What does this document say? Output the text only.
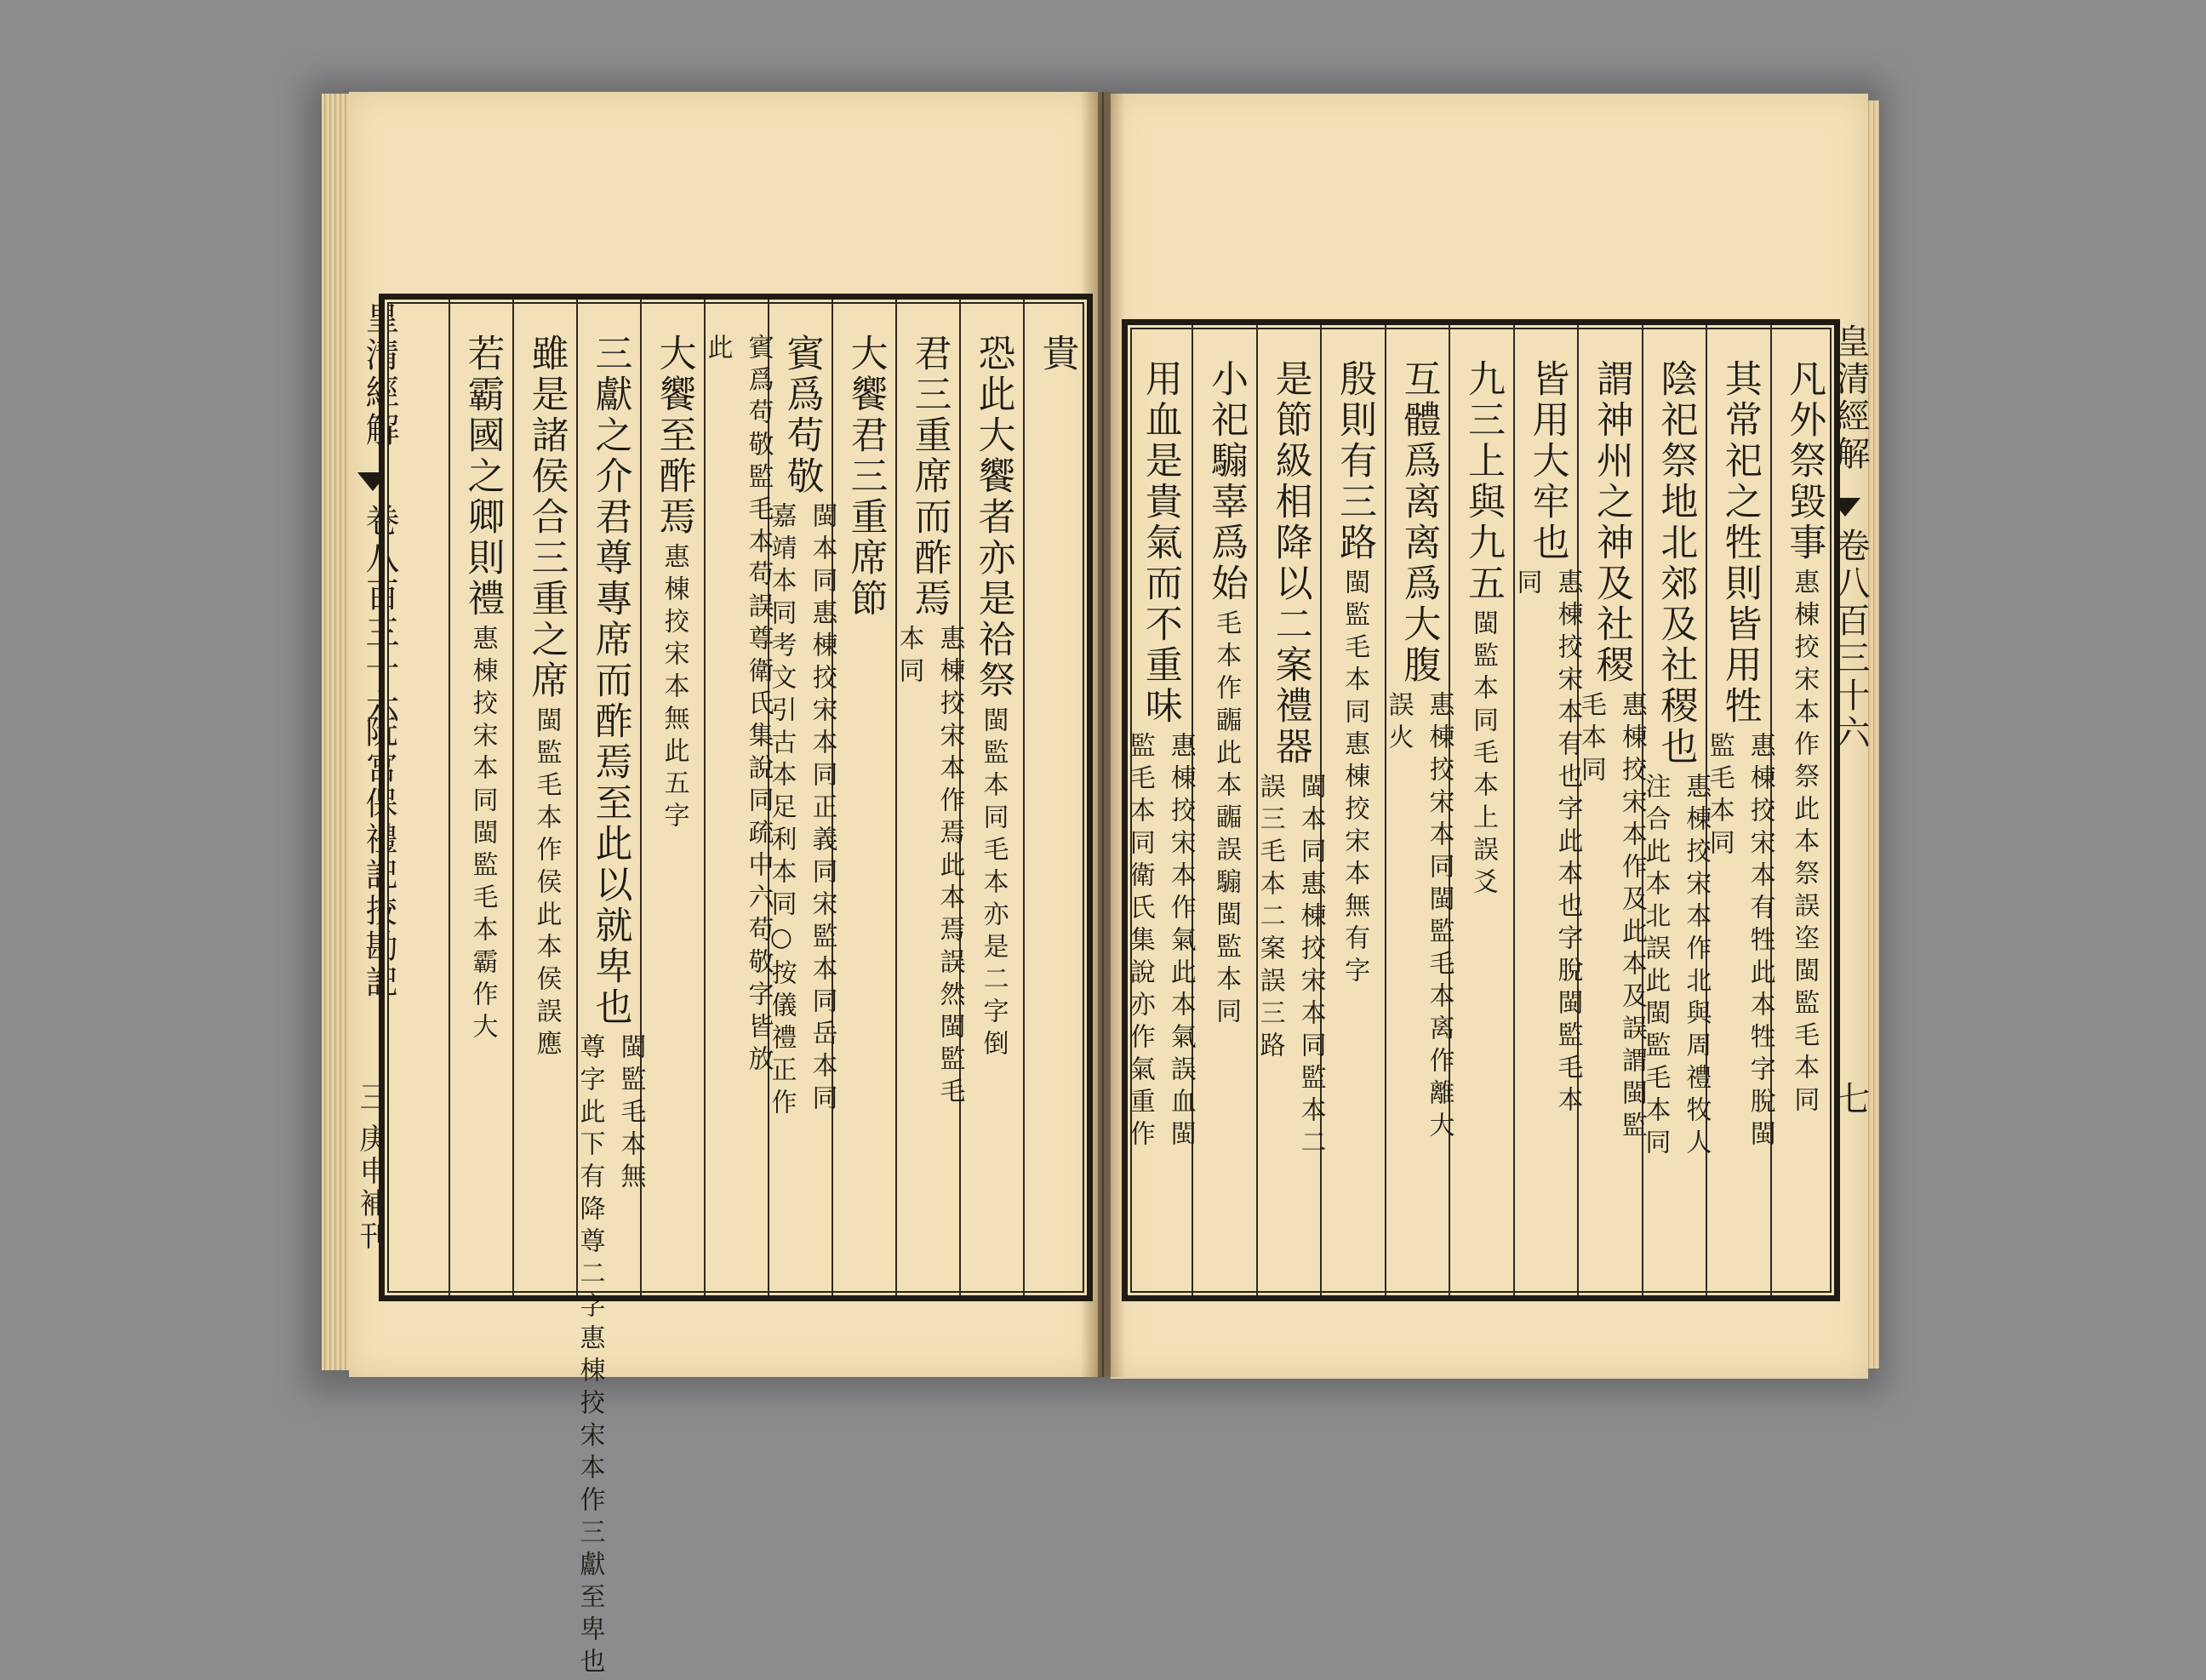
皇清經解
卷八百三十六
阮宮保禮記挍勘記
三
庚申補刊
貴
恐此大饗者亦是祫祭
閩監本同毛本亦是二字倒
君三重席而酢焉
惠棟挍宋本作焉此本焉誤然閩監毛
本同
大饗君三重席節
賓爲苟敬
閩本同惠棟挍宋本同正義同宋監本同岳本同
嘉靖本同考文引古本足利本同○按儀禮正作
賓爲苟敬監毛本苟誤尊衛氏集說同疏中六苟敬字皆放
此
大饗至酢焉
惠棟挍宋本無此五字
三獻之介君尊專席而酢焉至此以就卑也
閩監毛本無
尊字此下有降尊二字惠棟挍宋本作三獻至卑也
雖是諸侯合三重之席
閩監毛本作侯此本侯誤應
若霸國之卿則禮
惠棟挍宋本同閩監毛本霸作大
皇清經解
卷八百三十六
七
凡外祭毀事
惠棟挍宋本作祭此本祭誤垐閩監毛本同
其常祀之牲則皆用牲
惠棟挍宋本有牲此本牲字脫閩
監毛本同
陰祀祭地北郊及社稷也
惠棟挍宋本作北與周禮牧人
注合此本北誤此閩監毛本同
謂神州之神及社稷
惠棟挍宋本作及此本及誤謂閩監
毛本同
皆用大牢也
惠棟挍宋本有也字此本也字脫閩監毛本
同
九三上與九五
閩監本同毛本上誤爻
互體爲离离爲大腹
惠棟挍宋本同閩監毛本离作離大
誤火
殷則有三路
閩監毛本同惠棟挍宋本無有字
是節級相降以二案禮器
閩本同惠棟挍宋本同監本二
誤三毛本二案誤三路
小祀騸辜爲始
毛本作疈此本疈誤騸閩監本同
用血是貴氣而不重味
惠棟挍宋本作氣此本氣誤血閩
監毛本同衛氏集說亦作氣重作
